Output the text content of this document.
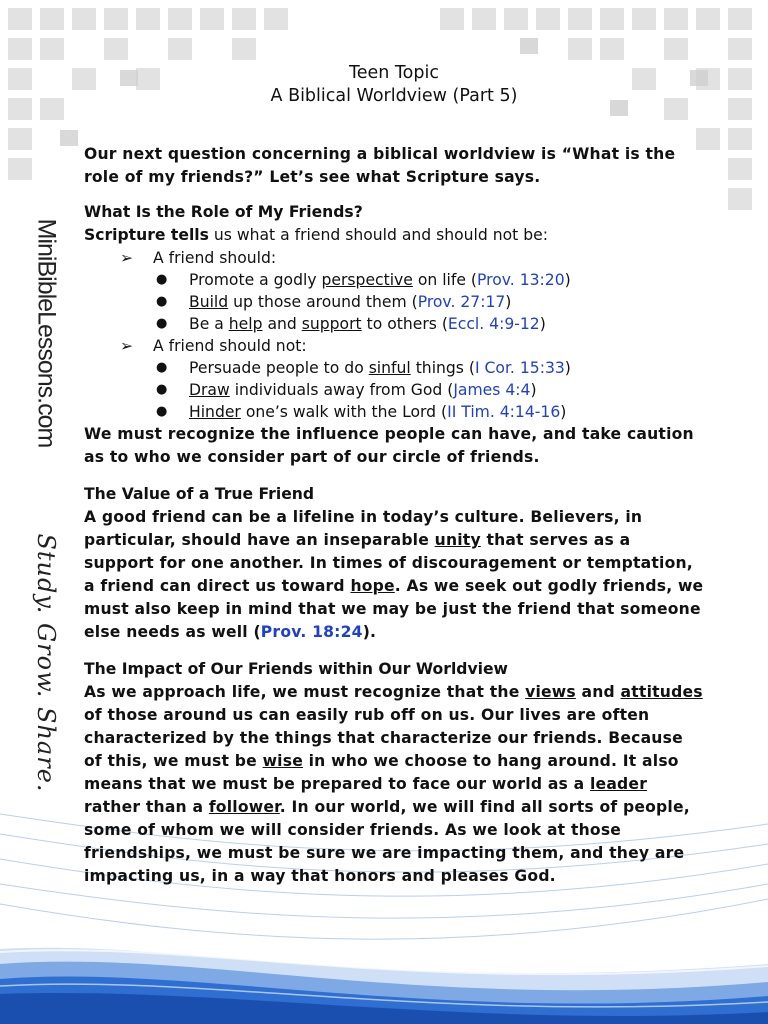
MiniBibleLessons.com
Study. Grow. Share.

Teen Topic

A Biblical Worldview (Part 5)

Our next question concerning a biblical worldview is “What is the role of my friends?” Let’s see what Scripture says.

What Is the Role of My Friends?

Scripture tells us what a friend should and should not be:

➢ A friend should:
● Promote a godly perspective on life (Prov. 13:20)
● Build up those around them (Prov. 27:17)
● Be a help and support to others (Eccl. 4:9-12)
➢ A friend should not:
● Persuade people to do sinful things (I Cor. 15:33)
● Draw individuals away from God (James 4:4)
● Hinder one’s walk with the Lord (II Tim. 4:14-16)

We must recognize the influence people can have, and take caution as to who we consider part of our circle of friends.

The Value of a True Friend

A good friend can be a lifeline in today’s culture. Believers, in particular, should have an inseparable unity that serves as a support for one another. In times of discouragement or temptation, a friend can direct us toward hope. As we seek out godly friends, we must also keep in mind that we may be just the friend that someone else needs as well (Prov. 18:24).

The Impact of Our Friends within Our Worldview

As we approach life, we must recognize that the views and attitudes of those around us can easily rub off on us. Our lives are often characterized by the things that characterize our friends. Because of this, we must be wise in who we choose to hang around. It also means that we must be prepared to face our world as a leader rather than a follower. In our world, we will find all sorts of people, some of whom we will consider friends. As we look at those friendships, we must be sure we are impacting them, and they are impacting us, in a way that honors and pleases God.
